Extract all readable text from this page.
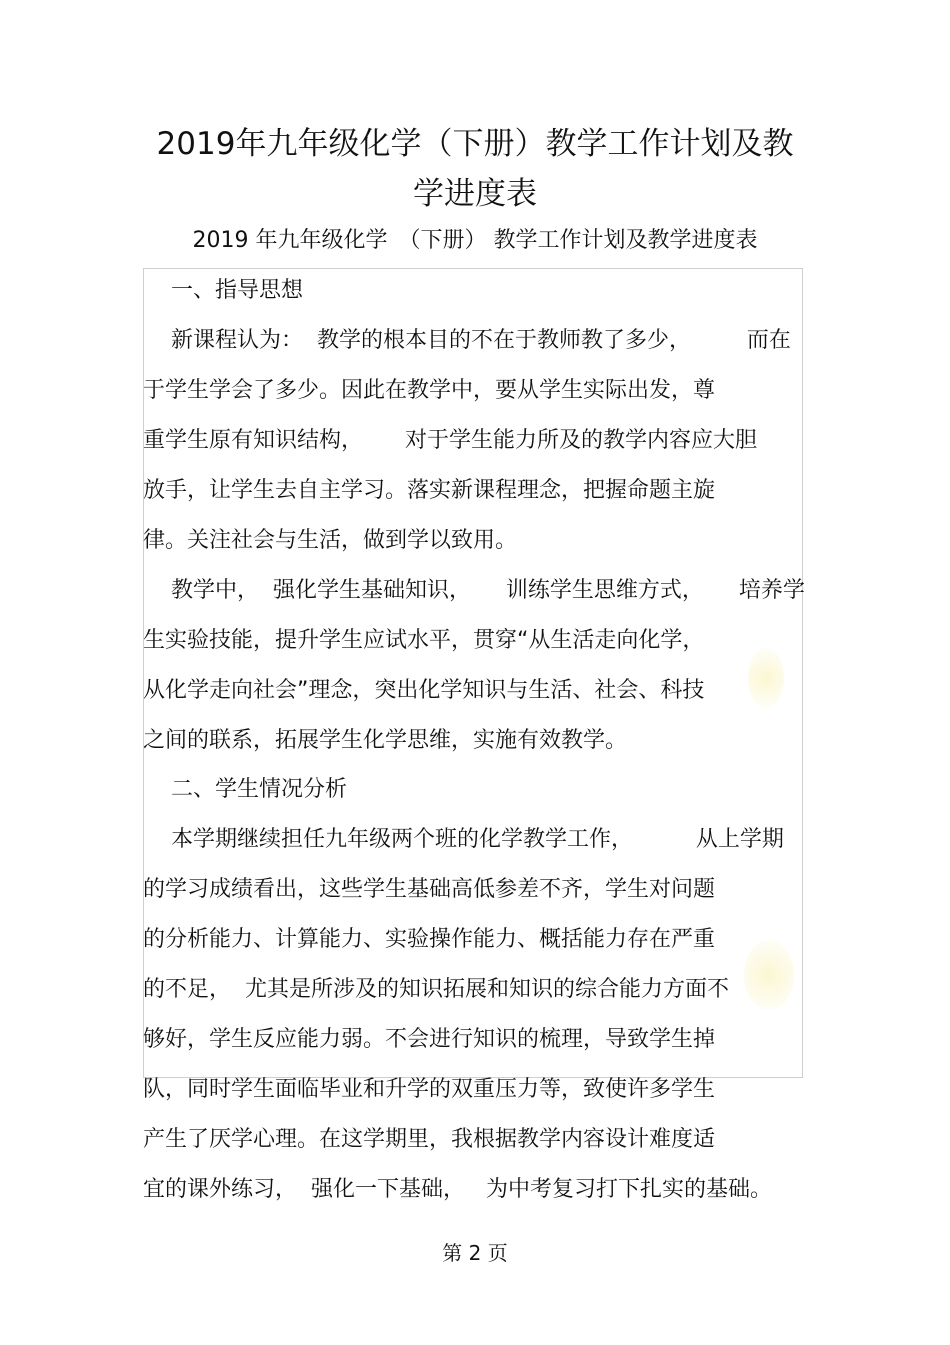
2019年九年级化学（下册）教学工作计划及教
学进度表
2019 年九年级化学　（下册） 教学工作计划及教学进度表

一、指导思想

新课程认为：  教学的根本目的不在于教师教了多少，        而在

于学生学会了多少。因此在教学中，要从学生实际出发，尊

重学生原有知识结构，      对于学生能力所及的教学内容应大胆

放手，让学生去自主学习。落实新课程理念，把握命题主旋

律。关注社会与生活，做到学以致用。

教学中，  强化学生基础知识，     训练学生思维方式，     培养学

生实验技能，提升学生应试水平，贯穿“从生活走向化学，

从化学走向社会”理念，突出化学知识与生活、社会、科技

之间的联系，拓展学生化学思维，实施有效教学。

二、学生情况分析

本学期继续担任九年级两个班的化学教学工作，         从上学期

的学习成绩看出，这些学生基础高低参差不齐，学生对问题

的分析能力、计算能力、实验操作能力、概括能力存在严重

的不足，  尤其是所涉及的知识拓展和知识的综合能力方面不

够好，学生反应能力弱。不会进行知识的梳理，导致学生掉

队，同时学生面临毕业和升学的双重压力等，致使许多学生

产生了厌学心理。在这学期里，我根据教学内容设计难度适

宜的课外练习，  强化一下基础，   为中考复习打下扎实的基础。

第 2 页
